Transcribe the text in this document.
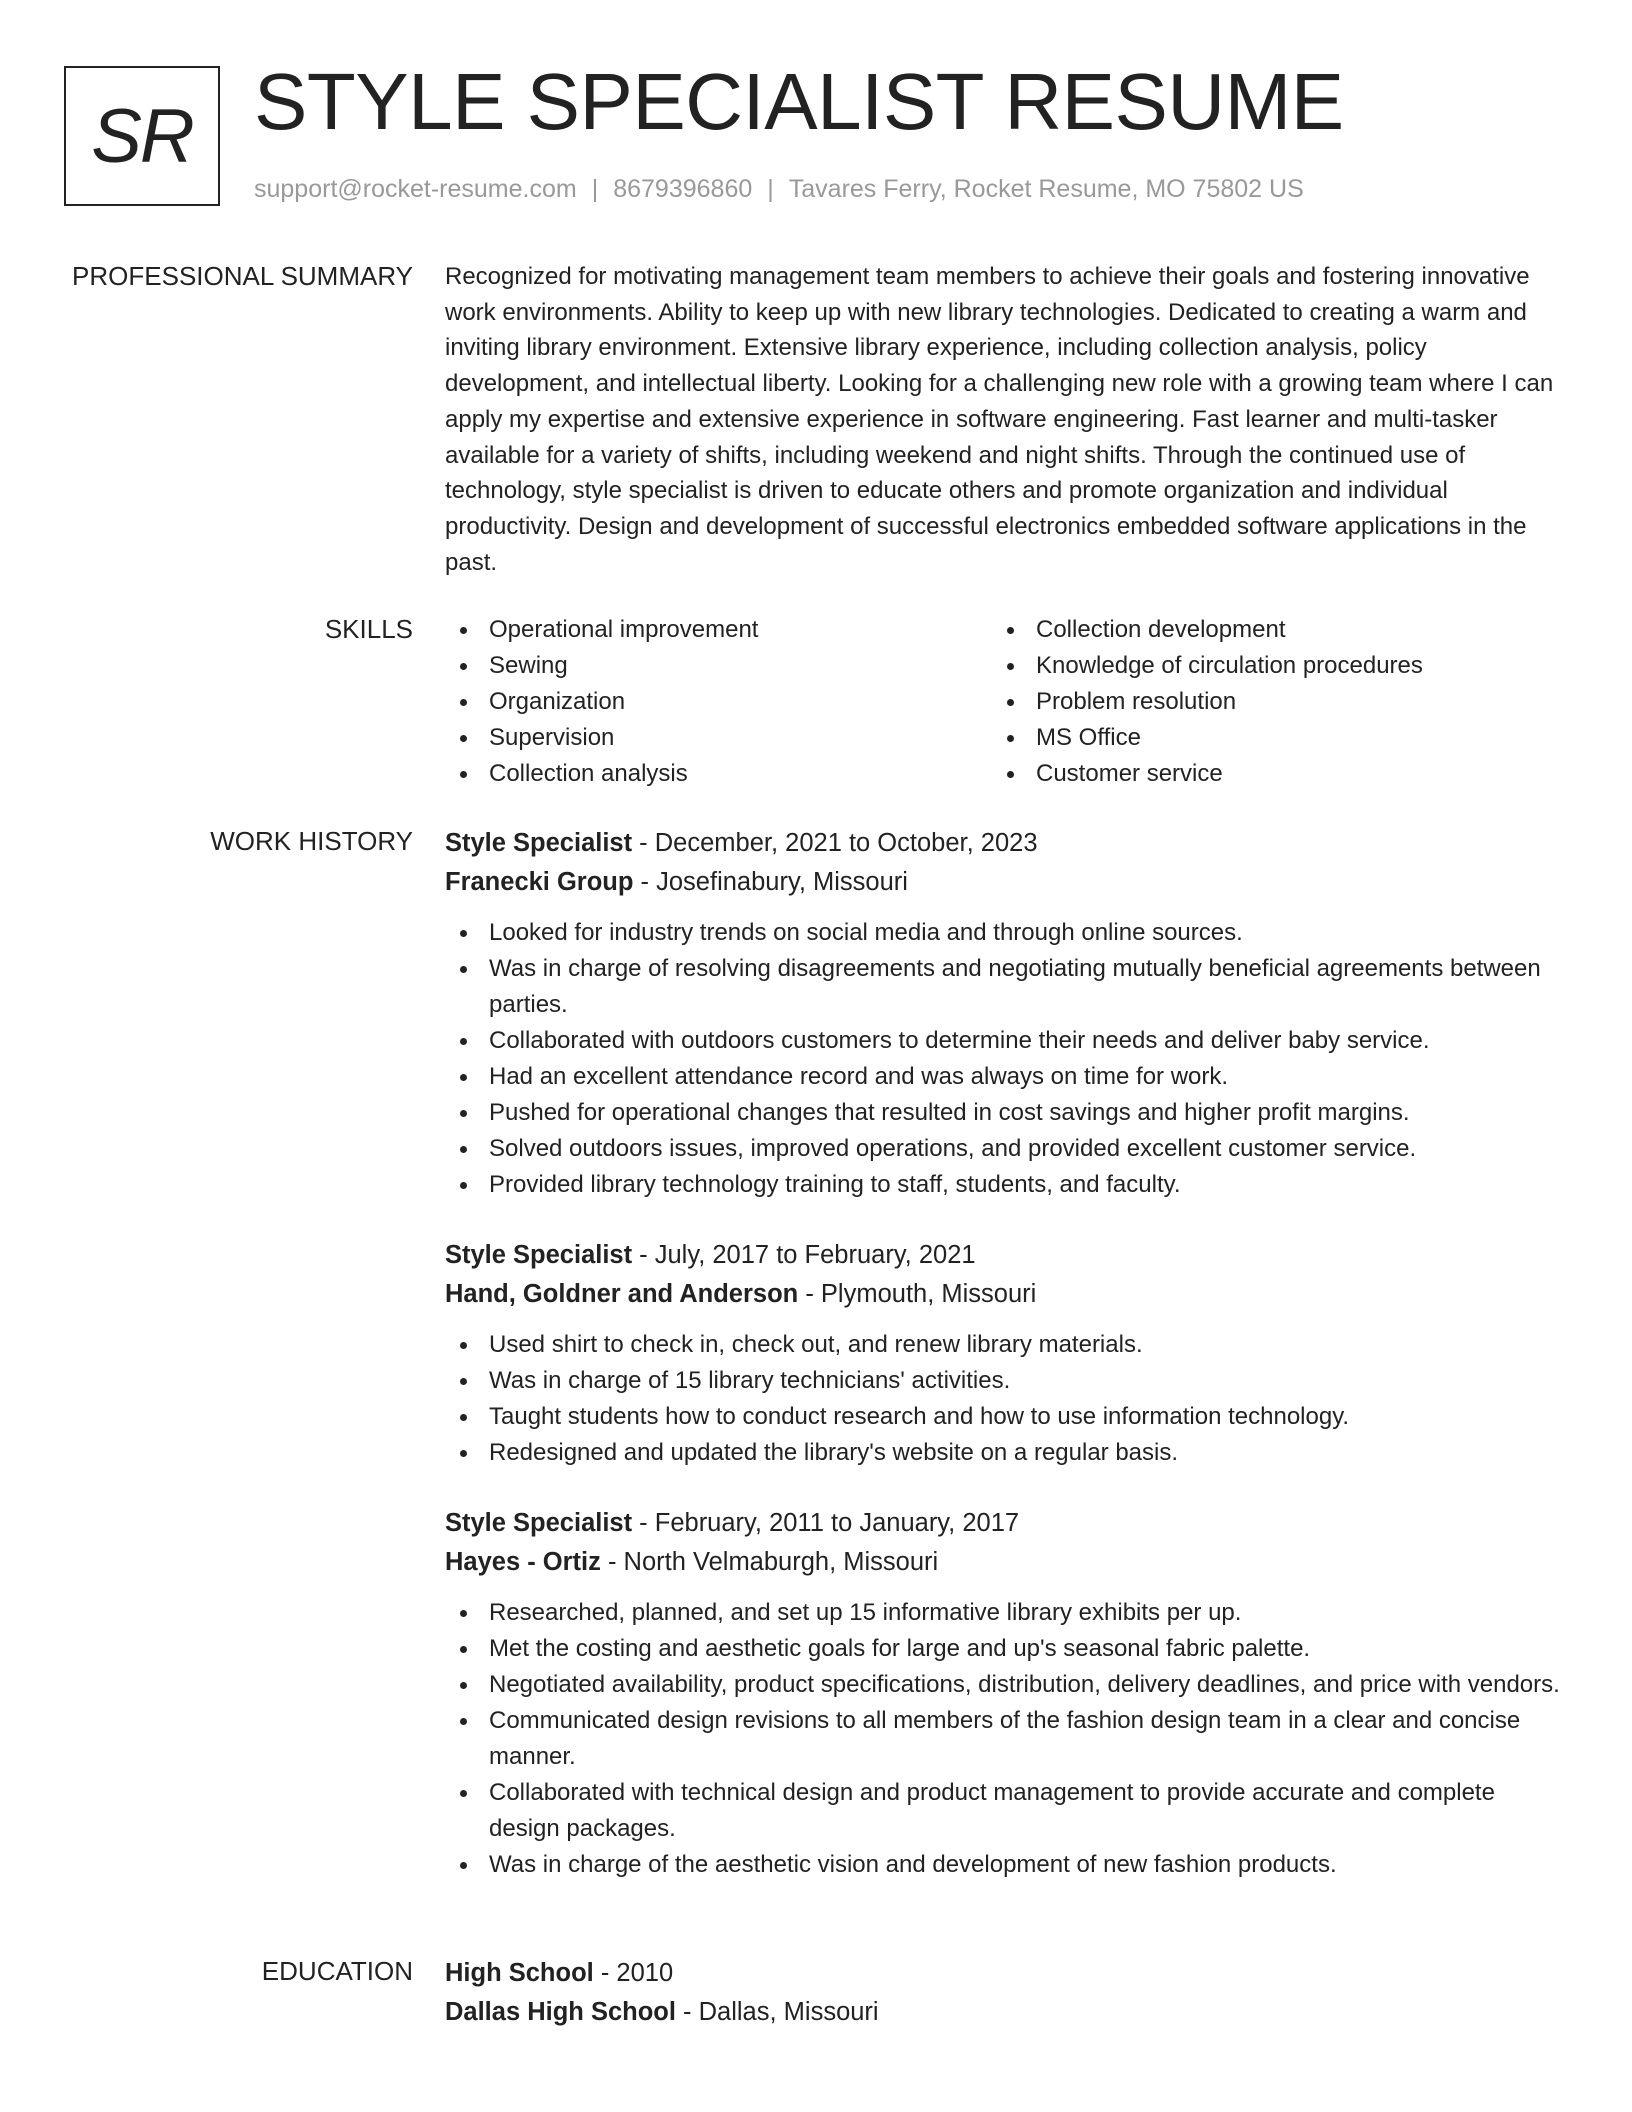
SR STYLE SPECIALIST RESUME
support@rocket-resume.com | 8679396860 | Tavares Ferry, Rocket Resume, MO 75802 US
PROFESSIONAL SUMMARY Recognized for motivating management team members to achieve their goals and fostering innovative work environments. Ability to keep up with new library technologies. Dedicated to creating a warm and inviting library environment. Extensive library experience, including collection analysis, policy development, and intellectual liberty. Looking for a challenging new role with a growing team where I can apply my expertise and extensive experience in software engineering. Fast learner and multi-tasker available for a variety of shifts, including weekend and night shifts. Through the continued use of technology, style specialist is driven to educate others and promote organization and individual productivity. Design and development of successful electronics embedded software applications in the past.

SKILLS	Operational improvement
Sewing
Organization
Supervision
Collection analysis
Collection development
Knowledge of circulation procedures
Problem resolution
MS Office
Customer service
WORK HISTORY Style Specialist - December, 2021 to October, 2023
Franecki Group - Josefinabury, Missouri
Looked for industry trends on social media and through online sources.
Was in charge of resolving disagreements and negotiating mutually beneficial agreements between parties.
Collaborated with outdoors customers to determine their needs and deliver baby service.
Had an excellent attendance record and was always on time for work.
Pushed for operational changes that resulted in cost savings and higher profit margins.
Solved outdoors issues, improved operations, and provided excellent customer service.
Provided library technology training to staff, students, and faculty.
Style Specialist - July, 2017 to February, 2021
Hand, Goldner and Anderson - Plymouth, Missouri
Used shirt to check in, check out, and renew library materials.
Was in charge of 15 library technicians' activities.
Taught students how to conduct research and how to use information technology.
Redesigned and updated the library's website on a regular basis.
Style Specialist - February, 2011 to January, 2017
Hayes - Ortiz - North Velmaburgh, Missouri
Researched, planned, and set up 15 informative library exhibits per up.
Met the costing and aesthetic goals for large and up's seasonal fabric palette.
Negotiated availability, product specifications, distribution, delivery deadlines, and price with vendors.
Communicated design revisions to all members of the fashion design team in a clear and concise manner.
Collaborated with technical design and product management to provide accurate and complete design packages.
Was in charge of the aesthetic vision and development of new fashion products.
EDUCATION High School - 2010
Dallas High School - Dallas, Missouri
